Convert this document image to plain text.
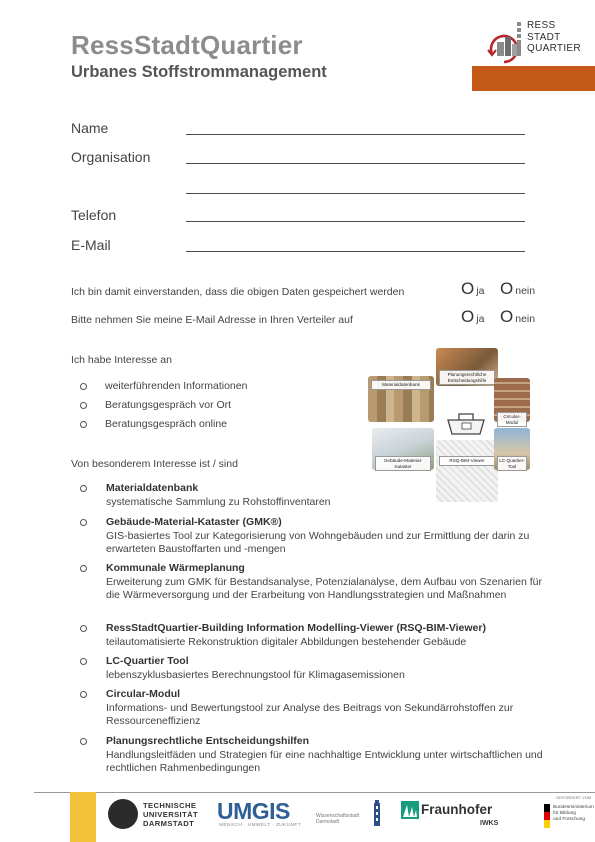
RessStadtQuartier
Urbanes Stoffstrommanagement
RESS
STADT
QUARTIER
Name
Organisation
Telefon
E-Mail
Ich bin damit einverstanden, dass die obigen Daten gespeichert werden	O ja O nein
Bitte nehmen Sie meine E-Mail Adresse in Ihren Verteiler auf	O ja O nein
Ich habe Interesse an
weiterführenden Informationen
Beratungsgespräch vor Ort
Beratungsgespräch online
Planungsrechtliche Entscheidungshilfe
Materialdatenbank
Circular-Modul
Gebäude-Material-Kataster
RSQ-BIM-Viewer	LC-Quartier-Tool
Von besonderem Interesse ist / sind
Materialdatenbank
systematische Sammlung zu Rohstoffinventaren
Gebäude-Material-Kataster (GMK®)
GIS-basiertes Tool zur Kategorisierung von Wohngebäuden und zur Ermittlung der darin zu erwarteten Baustoffarten und -mengen
Kommunale Wärmeplanung
Erweiterung zum GMK für Bestandsanalyse, Potenzialanalyse, dem Aufbau von Szenarien für die Wärmeversorgung und der Erarbeitung von Handlungsstrategien und Maßnahmen
RessStadtQuartier-Building Information Modelling-Viewer (RSQ-BIM-Viewer)
teilautomatisierte Rekonstruktion digitaler Abbildungen bestehender Gebäude
LC-Quartier Tool
lebenszyklusbasiertes Berechnungstool für Klimagasemissionen
Circular-Modul
Informations- und Bewertungstool zur Analyse des Beitrags von Sekundärrohstoffen zur Ressourceneffizienz
Planungsrechtliche Entscheidungshilfen
Handlungsleitfäden und Strategien für eine nachhaltige Entwicklung unter wirtschaftlichen und rechtlichen Rahmenbedingungen
TECHNISCHE
UNIVERSITÄT
DARMSTADT UMGIS
MENSCH · UMWELT · ZUKUNFT
Wissenschaftsstadt
Darmstadt
Fraunhofer
IWKS
GEFÖRDERT VOM
Bundesministerium
für Bildung
und Forschung
